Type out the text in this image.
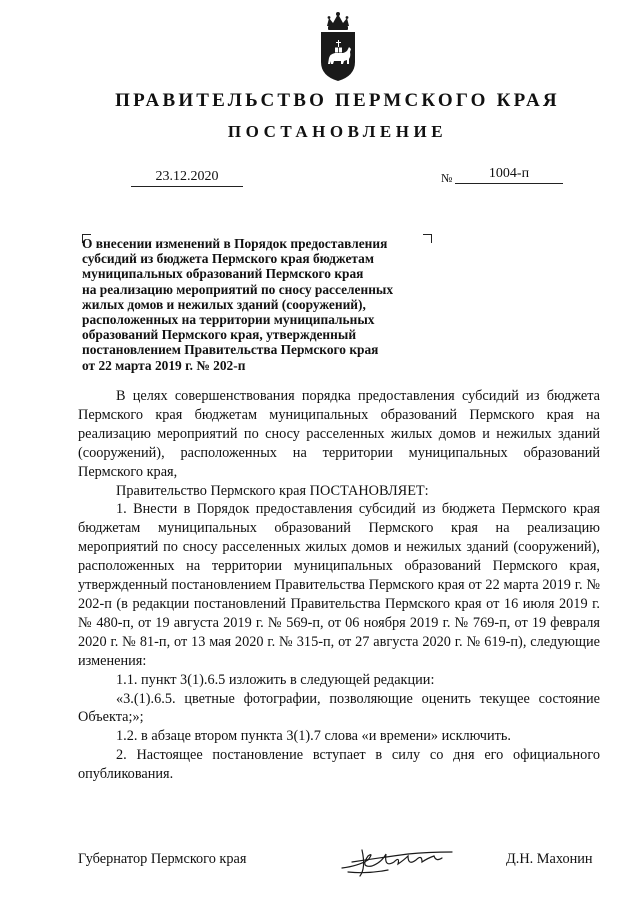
ПРАВИТЕЛЬСТВО ПЕРМСКОГО КРАЯ
ПОСТАНОВЛЕНИЕ
23.12.2020	№	1004-п
О внесении изменений в Порядок предоставления
субсидий из бюджета Пермского края бюджетам
муниципальных образований Пермского края
на реализацию мероприятий по сносу расселенных
жилых домов и нежилых зданий (сооружений),
расположенных на территории муниципальных
образований Пермского края, утвержденный
постановлением Правительства Пермского края
от 22 марта 2019 г. № 202-п

В целях совершенствования порядка предоставления субсидий из бюджета Пермского края бюджетам муниципальных образований Пермского края на реализацию мероприятий по сносу расселенных жилых домов и нежилых зданий (сооружений), расположенных на территории муниципальных образований Пермского края,

Правительство Пермского края ПОСТАНОВЛЯЕТ:

1. Внести в Порядок предоставления субсидий из бюджета Пермского края бюджетам муниципальных образований Пермского края на реализацию мероприятий по сносу расселенных жилых домов и нежилых зданий (сооружений), расположенных на территории муниципальных образований Пермского края, утвержденный постановлением Правительства Пермского края от 22 марта 2019 г. № 202-п (в редакции постановлений Правительства Пермского края от 16 июля 2019 г. № 480-п, от 19 августа 2019 г. № 569-п, от 06 ноября 2019 г. № 769-п, от 19 февраля 2020 г. № 81-п, от 13 мая 2020 г. № 315-п, от 27 августа 2020 г. № 619-п), следующие изменения:

1.1. пункт 3(1).6.5 изложить в следующей редакции:

«3.(1).6.5. цветные фотографии, позволяющие оценить текущее состояние Объекта;»;

1.2. в абзаце втором пункта 3(1).7 слова «и времени» исключить.

2. Настоящее постановление вступает в силу со дня его официального опубликования.

Губернатор Пермского края	Д.Н. Махонин
